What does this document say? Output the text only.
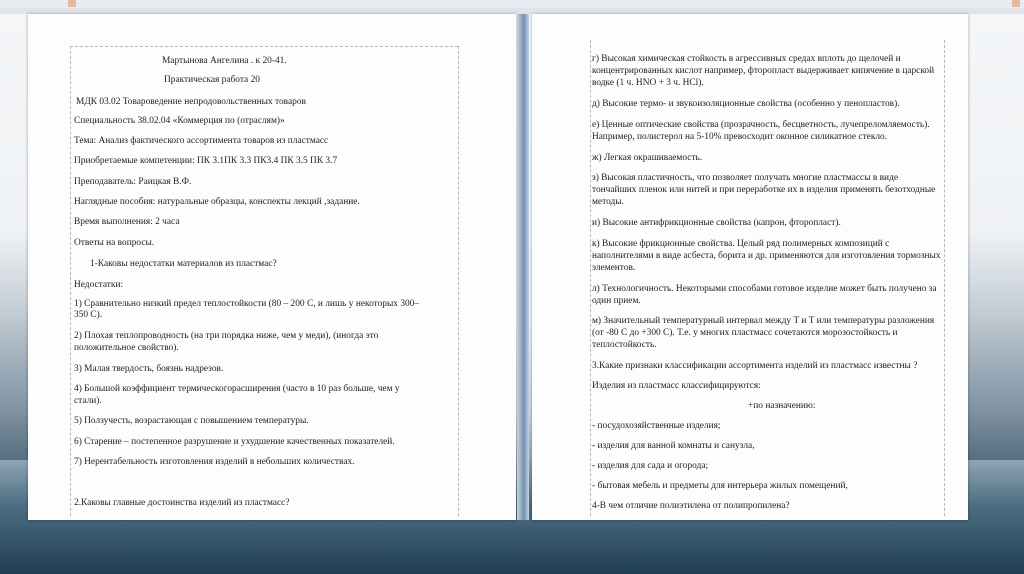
Мартынова Ангелина . к 20-41.
Практическая работа 20
МДК 03.02 Товароведение непродовольственных товаров
Специальность 38.02.04 «Коммерция по (отраслям)»
Тема: Анализ фактического ассортимента товаров из пластмасс
Приобретаемые компетенции: ПК 3.1ПК 3.3 ПК3.4 ПК 3.5 ПК 3.7
Преподаватель: Раицкая В.Ф.
Наглядные пособия: натуральные образцы, конспекты лекций ,задание.
Время выполнения: 2 часа
Ответы на вопросы.
1-Каковы недостатки материалов из пластмас?
Недостатки:
1) Сравнительно низкий предел теплостойкости (80 – 200 С, и лишь у некоторых 300–
350 С).
2) Плохая теплопроводность (на три порядка ниже, чем у меди), (иногда это
положительное свойство).
3) Малая твердость, боязнь надрезов.
4) Большой коэффициент термическогорасширения (часто в 10 раз больше, чем у
стали).
5) Ползучесть, возрастающая с повышением температуры.
6) Старение – постепенное разрушение и ухудшение качественных показателей.
7) Нерентабельность изготовления изделий в небольших количествах.
2.Каковы главные достоинства изделий из пластмасс?
г) Высокая химическая стойкость в агрессивных средах вплоть до щелочей и
концентрированных кислот например, фторопласт выдерживает кипячение в царской
водке (1 ч. HNO + 3 ч. HCl).
д) Высокие термо- и звукоизоляционные свойства (особенно у пенопластов).
е) Ценные оптические свойства (прозрачность, бесцветность, лучепреломляемость).
Например, полистерол на 5-10% превосходит оконное силикатное стекло.
ж) Легкая окрашиваемость.
з) Высокая пластичность, что позволяет получать многие пластмассы в виде
тончайших пленок или нитей и при переработке их в изделия применять безотходные
методы.
и) Высокие антифрикционные свойства (капрон, фторопласт).
к) Высокие фрикционные свойства. Целый ряд полимерных композиций с
наполнителями в виде асбеста, борита и др. применяются для изготовления тормозных
элементов.
л) Технологичность. Некоторыми способами готовое изделие может быть получено за
один прием.
м) Значительный температурный интервал между T и T или температуры разложения
(от -80 С до +300 С). Т.е. у многих пластмасс сочетаются морозостойкость и
теплостойкость.
3.Какие признаки классификации ассортимента изделий из пластмасс известны ?
Изделия из пластмасс классифицируются:
+по назначению:
- посудохозяйственные изделия;
- изделия для ванной комнаты и санузла,
- изделия для сада и огорода;
- бытовая мебель и предметы для интерьера жилых помещений,
4-В чем отличие полиэтилена от полипропилена?
